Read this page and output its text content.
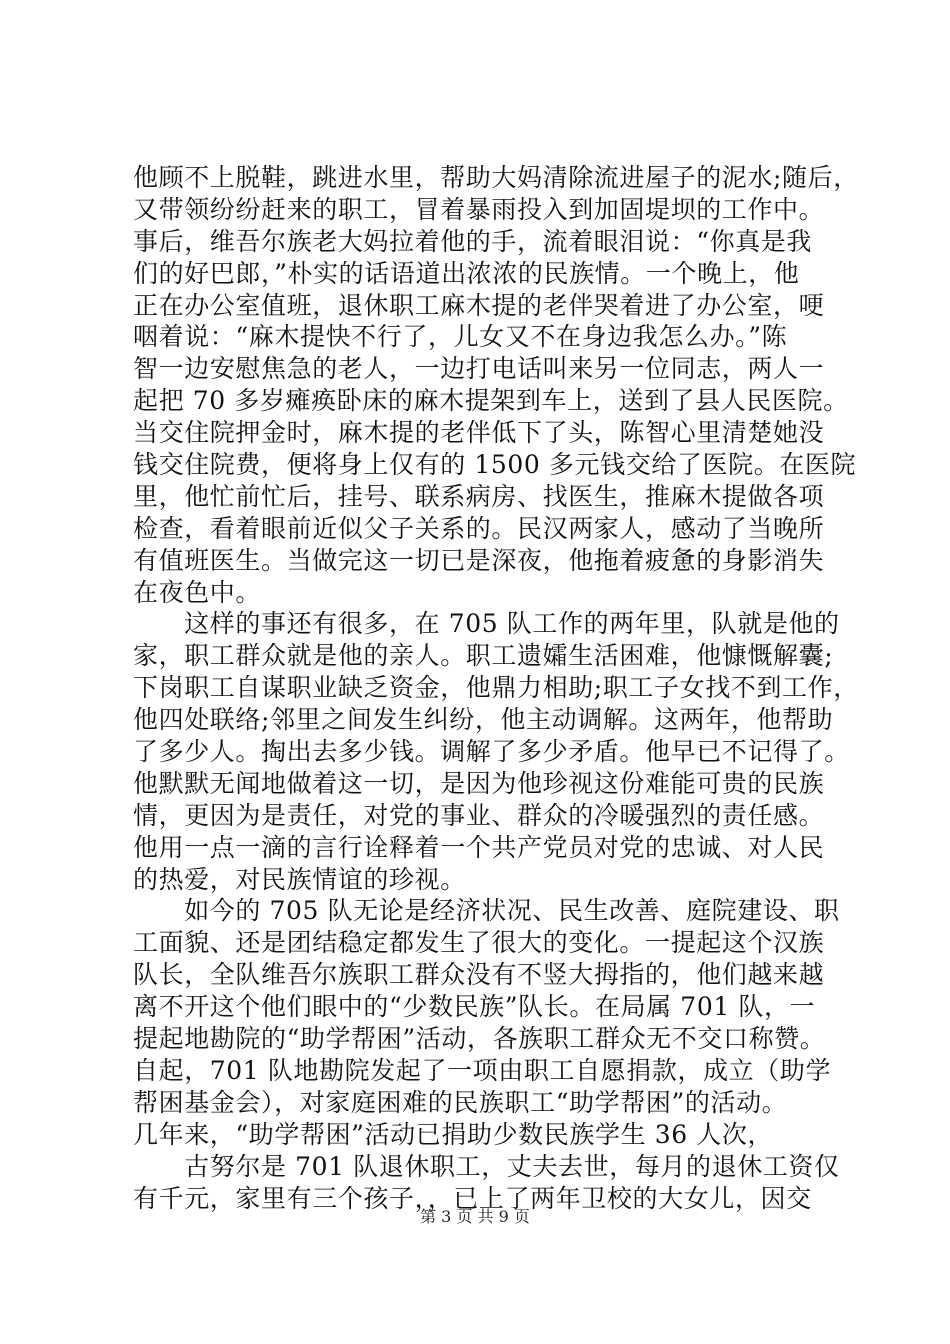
他顾不上脱鞋，跳进水里，帮助大妈清除流进屋子的泥水;随后，
又带领纷纷赶来的职工，冒着暴雨投入到加固堤坝的工作中。
事后，维吾尔族老大妈拉着他的手，流着眼泪说：“你真是我
们的好巴郎，”朴实的话语道出浓浓的民族情。一个晚上，他
正在办公室值班，退休职工麻木提的老伴哭着进了办公室，哽
咽着说：“麻木提快不行了，儿女又不在身边我怎么办。”陈
智一边安慰焦急的老人，一边打电话叫来另一位同志，两人一
起把 70 多岁瘫痪卧床的麻木提架到车上，送到了县人民医院。
当交住院押金时，麻木提的老伴低下了头，陈智心里清楚她没
钱交住院费，便将身上仅有的 1500 多元钱交给了医院。在医院
里，他忙前忙后，挂号、联系病房、找医生，推麻木提做各项
检查，看着眼前近似父子关系的。民汉两家人，感动了当晚所
有值班医生。当做完这一切已是深夜，他拖着疲惫的身影消失
在夜色中。
　　这样的事还有很多，在 705 队工作的两年里，队就是他的
家，职工群众就是他的亲人。职工遗孀生活困难，他慷慨解囊;
下岗职工自谋职业缺乏资金，他鼎力相助;职工子女找不到工作，
他四处联络;邻里之间发生纠纷，他主动调解。这两年，他帮助
了多少人。掏出去多少钱。调解了多少矛盾。他早已不记得了。
他默默无闻地做着这一切，是因为他珍视这份难能可贵的民族
情，更因为是责任，对党的事业、群众的冷暖强烈的责任感。
他用一点一滴的言行诠释着一个共产党员对党的忠诚、对人民
的热爱，对民族情谊的珍视。
　　如今的 705 队无论是经济状况、民生改善、庭院建设、职
工面貌、还是团结稳定都发生了很大的变化。一提起这个汉族
队长，全队维吾尔族职工群众没有不竖大拇指的，他们越来越
离不开这个他们眼中的“少数民族”队长。在局属 701 队，一
提起地勘院的“助学帮困”活动，各族职工群众无不交口称赞。
自起，701 队地勘院发起了一项由职工自愿捐款，成立（助学
帮困基金会），对家庭困难的民族职工“助学帮困”的活动。
几年来，“助学帮困”活动已捐助少数民族学生 36 人次，
　　古努尔是 701 队退休职工，丈夫去世，每月的退休工资仅
有千元，家里有三个孩子，，已上了两年卫校的大女儿，因交
第 3 页 共 9 页
